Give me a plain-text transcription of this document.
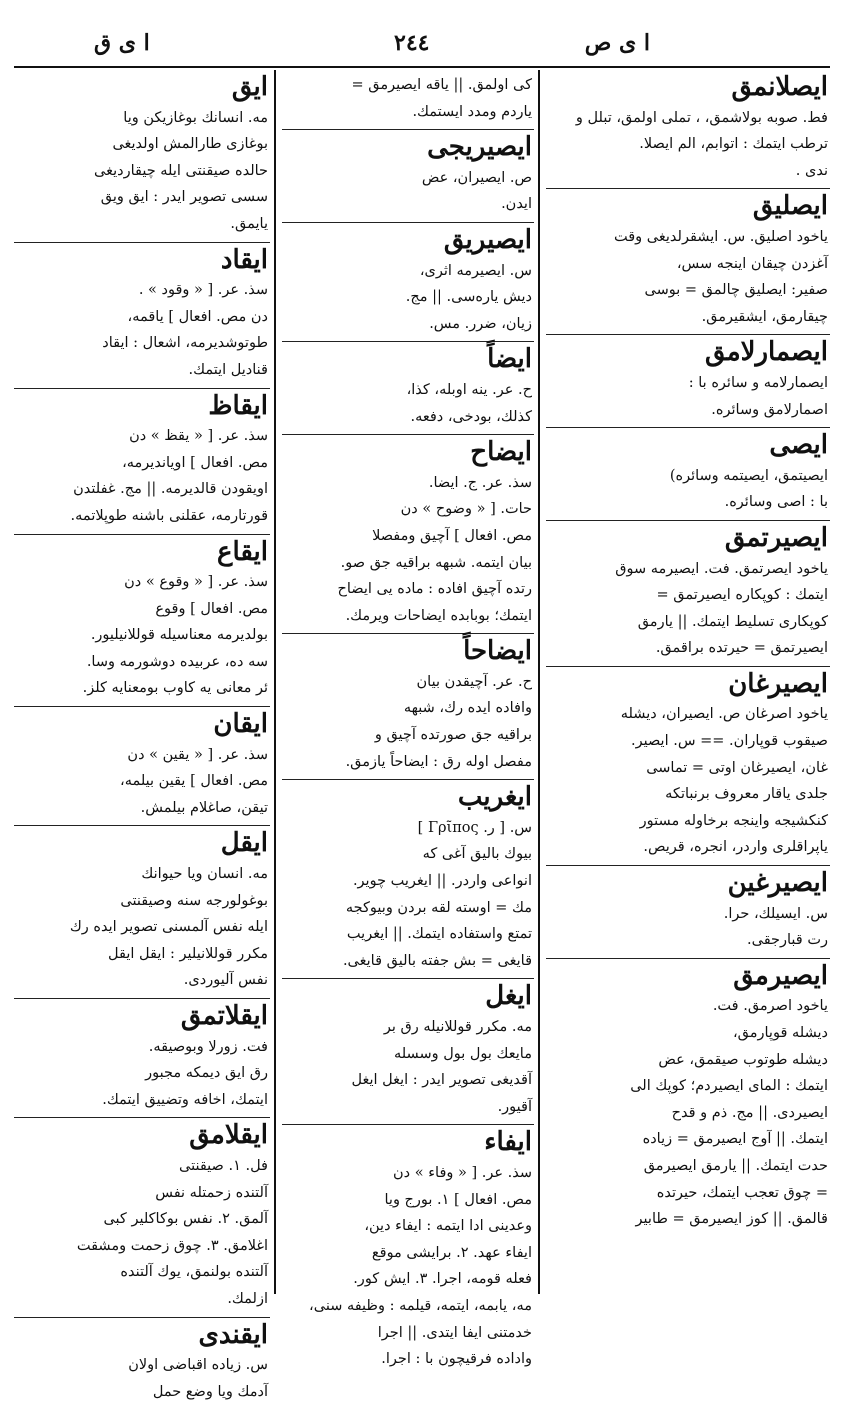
ا ى ص
٢٤٤
ا ى ق
ايصلانمق
فط. صوبه بولاشمق، ، تملى اولمق، تبلل و
ترطب ايتمك : اتوابم، الم ايصلا.
ندى .
ايصليق
ياخود اصليق. س. ايشقرلديغى وقت
آغزدن چيقان اينجه سس،
صفير: ايصليق چالمق = بوسى
چيقارمق، ايشقيرمق.
ايصمارلامق
ايصمارلامه و سائره با :
اصمارلامق وسائره.
ايصى
ايصيتمق، ايصيتمه وسائره)
با : اصى وسائره.
ايصيرتمق
ياخود ايصرتمق. فت. ايصيرمه سوق
ايتمك : كوپكاره ايصيرتمق =
كوپكارى تسليط ايتمك. || يارمق
ايصيرتمق = حيرتده براقمق.
ايصيرغان
ياخود اصرغان ص. ايصيران، ديشله
صيقوب قوپاران. == س. ايصير.
غان، ايصيرغان اوتى = تماسى
جلدى ياقار معروف برنباتكه
كنكشيجه واينجه برخاوله مستور
ياپراقلرى واردر، انجره، قريص.
ايصيرغين
س. ايسيلك، حرا.
رت قبارجقى.
ايصيرمق
ياخود اصرمق. فت.
ديشله قوپارمق،
ديشله طوتوب صيقمق، عض
ايتمك : الماى ايصيردم؛ كوپك الى
ايصيردى. || مج. ذم و قدح
ايتمك. || آوج ايصيرمق = زياده
حدت ايتمك. || يارمق ايصيرمق
= چوق تعجب ايتمك، حيرتده
قالمق. || كوز ايصيرمق = طابير
كى اولمق. || ياقه ايصيرمق =
ياردم ومدد ايستمك.
ايصيريجى
ص. ايصيران، عض
ايدن.
ايصيريق
س. ايصيرمه اثرى،
ديش يارەسى. || مج.
زيان، ضرر. مس.
ايضاً
ح. عر. ينه اوبله، كذا،
كذلك، بودخى، دفعه.
ايضاح
سذ. عر. ج. ايضا.
حات. [ « وضوح » دن
مص. افعال ] آچيق ومفصلا
بيان ايتمه. شبهه براقيه جق صو.
رتده آچيق افاده : ماده يى ايضاح
ايتمك؛ بوبابده ايضاحات ويرمك.
ايضاحاً
ح. عر. آچيقدن بيان
وافاده ايده رك، شبهه
براقيه جق صورتده آچيق و
مفصل اوله رق : ايضاحاً يازمق.
ايغريب
س. [ ر. Γρῖπος ]
بيوك باليق آغى كه
انواعى واردر. || ايغريب چوير.
مك = اوسته لقه بردن وبيوكجه
تمتع واستفاده ايتمك. || ايغريب
قايغى = بش جفته باليق قايغى.
ايغل
مه. مكرر قوللانيله رق بر
مايعك بول بول وسسله
آقديغى تصوير ايدر : ايغل ايغل
آقيور.
ايفاء
سذ. عر. [ « وفاء » دن
مص. افعال ] ١. بورج ويا
وعدينى ادا ايتمه : ايفاء دين،
ايفاء عهد. ٢. برايشى موقع
فعله قومه، اجرا. ٣. ايش كور.
مه، يابمه، ايتمه، قيلمه : وظيفه سنى،
خدمتنى ايفا ايتدى. || اجرا
واداده فرقيچون با : اجرا.
ايق
مه. انسانك بوغازيكن ويا
بوغازى طارالمش اولديغى
حالده صيقنتى ايله چيقارديغى
سسى تصوير ايدر : ايق ويق
يايمق.
ايقاد
سذ. عر. [ « وقود » .
دن مص. افعال ] ياقمه،
طوتوشديرمه، اشعال : ايقاد
قناديل ايتمك.
ايقاظ
سذ. عر. [ « يقظ » دن
مص. افعال ] اويانديرمه،
اويقودن قالديرمه. || مج. غفلتدن
قورتارمه، عقلنى باشنه طوپلاتمه.
ايقاع
سذ. عر. [ « وقوع » دن
مص. افعال ] وقوع
بولديرمه معناسيله قوللانيليور.
سه ده، عربيده دوشورمه وسا.
ئر معانى يه كاوب بومعنايه كلز.
ايقان
سذ. عر. [ « يقين » دن
مص. افعال ] يقين بيلمه،
تيقن، صاغلام بيلمش.
ايقل
مه. انسان ويا حيوانك
بوغولورجه سنه وصيقنتى
ايله نفس آلمسنى تصوير ايده رك
مكرر قوللانيلير : ايقل ايقل
نفس آليوردى.
ايقلاتمق
فت. زورلا وبوصيقه.
رق ايق ديمكه مجبور
ايتمك، اخافه وتضييق ايتمك.
ايقلامق
فل. ١. صيقنتى
آلتنده زحمتله نفس
آلمق. ٢. نفس بوكاكلير كبى
اغلامق. ٣. چوق زحمت ومشقت
آلتنده بولنمق، يوك آلتنده
ازلمك.
ايقندى
س. زياده اقباضى اولان
آدمك ويا وضع حمل
